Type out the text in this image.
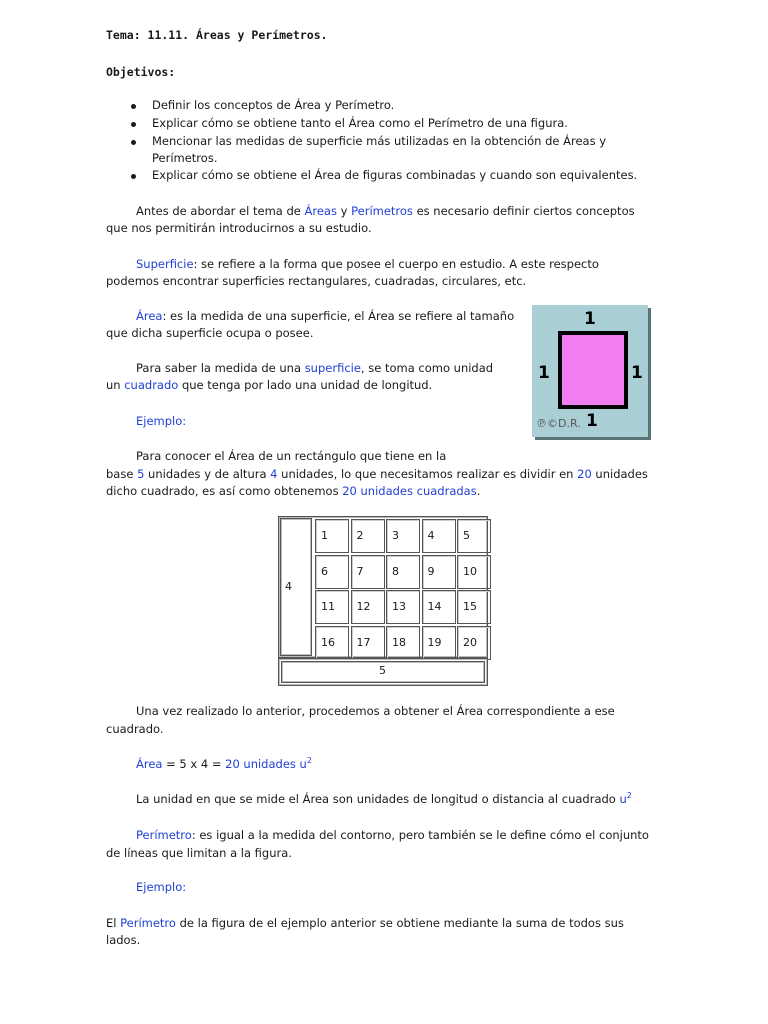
Tema: 11.11. Áreas y Perímetros.
Objetivos:
Definir los conceptos de Área y Perímetro.
Explicar cómo se obtiene tanto el Área como el Perímetro de una figura.
Mencionar las medidas de superficie más utilizadas en la obtención de Áreas y
Perímetros.
Explicar cómo se obtiene el Área de figuras combinadas y cuando son equivalentes.
Antes de abordar el tema de Áreas y Perímetros es necesario definir ciertos conceptos
que nos permitirán introducirnos a su estudio.
Superficie: se refiere a la forma que posee el cuerpo en estudio. A este respecto
podemos encontrar superficies rectangulares, cuadradas, circulares, etc.
Área: es la medida de una superficie, el Área se refiere al tamaño
que dicha superficie ocupa o posee.
Para saber la medida de una superficie, se toma como unidad
un cuadrado que tenga por lado una unidad de longitud.
Ejemplo:
1
1	1
1
℗©D.R.
Para conocer el Área de un rectángulo que tiene en la
base 5 unidades y de altura 4 unidades, lo que necesitamos realizar es dividir en 20 unidades
dicho cuadrado, es así como obtenemos 20 unidades cuadradas.
4
1	2	3	4	5
6	7	8	9	10
11	12	13	14	15
16	17	18	19	20
5
Una vez realizado lo anterior, procedemos a obtener el Área correspondiente a ese
cuadrado.
Área = 5 x 4 = 20 unidades $u^2$
La unidad en que se mide el Área son unidades de longitud o distancia al cuadrado $u^2$
Perímetro: es igual a la medida del contorno, pero también se le define cómo el conjunto
de líneas que limitan a la figura.
Ejemplo:
El Perímetro de la figura de el ejemplo anterior se obtiene mediante la suma de todos sus
lados.
